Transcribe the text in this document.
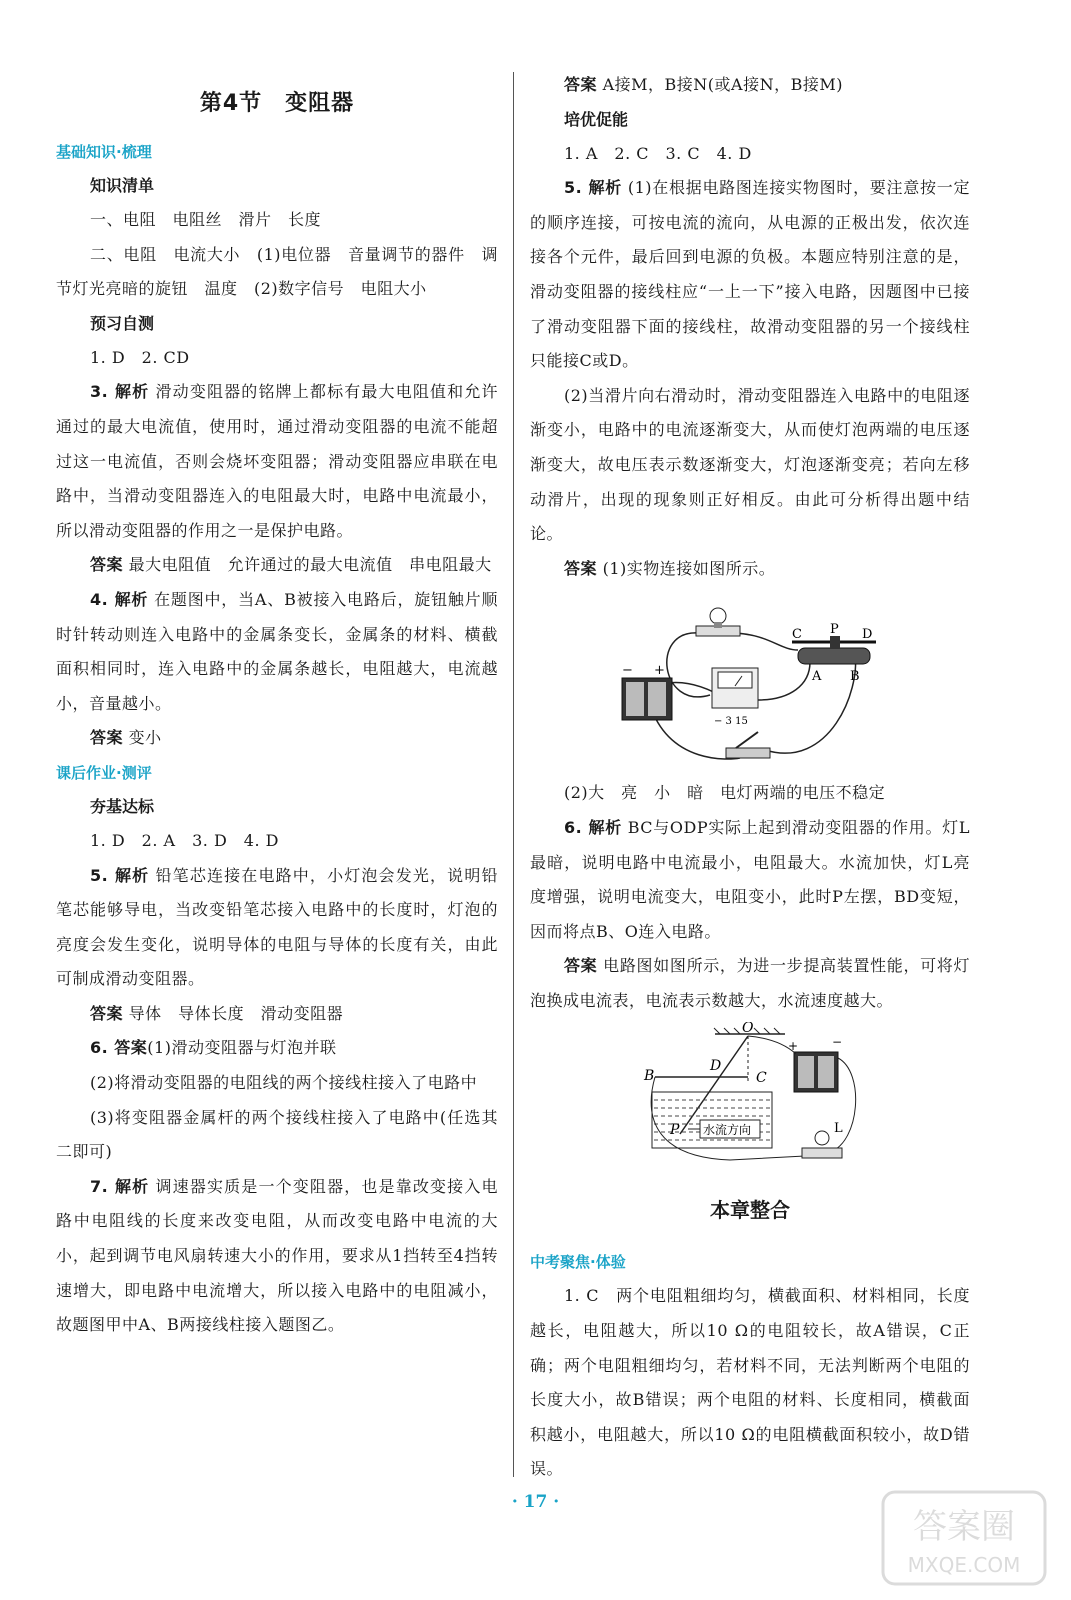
第4节　变阻器
基础知识·梳理
知识清单
一、电阻　电阻丝　滑片　长度
二、电阻　电流大小　(1)电位器　音量调节的器件　调节灯光亮暗的旋钮　温度　(2)数字信号　电阻大小
预习自测
1. D　2. CD
3. 解析 滑动变阻器的铭牌上都标有最大电阻值和允许通过的最大电流值，使用时，通过滑动变阻器的电流不能超过这一电流值，否则会烧坏变阻器；滑动变阻器应串联在电路中，当滑动变阻器连入的电阻最大时，电路中电流最小，所以滑动变阻器的作用之一是保护电路。
答案 最大电阻值　允许通过的最大电流值　串电阻最大
4. 解析 在题图中，当A、B被接入电路后，旋钮触片顺时针转动则连入电路中的金属条变长，金属条的材料、横截面积相同时，连入电路中的金属条越长，电阻越大，电流越小，音量越小。
答案 变小
课后作业·测评
夯基达标
1. D　2. A　3. D　4. D
5. 解析 铅笔芯连接在电路中，小灯泡会发光，说明铅笔芯能够导电，当改变铅笔芯接入电路中的长度时，灯泡的亮度会发生变化，说明导体的电阻与导体的长度有关，由此可制成滑动变阻器。
答案 导体　导体长度　滑动变阻器
6. 答案(1)滑动变阻器与灯泡并联
(2)将滑动变阻器的电阻线的两个接线柱接入了电路中
(3)将变阻器金属杆的两个接线柱接入了电路中(任选其二即可)
7. 解析 调速器实质是一个变阻器，也是靠改变接入电路中电阻线的长度来改变电阻，从而改变电路中电流的大小，起到调节电风扇转速大小的作用，要求从1挡转至4挡转速增大，即电路中电流增大，所以接入电路中的电阻减小，故题图甲中A、B两接线柱接入题图乙。
答案 A接M，B接N(或A接N，B接M)
培优促能
1. A　2. C　3. C　4. D
5. 解析 (1)在根据电路图连接实物图时，要注意按一定的顺序连接，可按电流的流向，从电源的正极出发，依次连接各个元件，最后回到电源的负极。本题应特别注意的是，滑动变阻器的接线柱应“一上一下”接入电路，因题图中已接了滑动变阻器下面的接线柱，故滑动变阻器的另一个接线柱只能接C或D。
(2)当滑片向右滑动时，滑动变阻器连入电路中的电阻逐渐变小，电路中的电流逐渐变大，从而使灯泡两端的电压逐渐变大，故电压表示数逐渐变大，灯泡逐渐变亮；若向左移动滑片，出现的现象则正好相反。由此可分析得出题中结论。
答案 (1)实物连接如图所示。
C P D
A B
− +
− 3 15
(2)大　亮　小　暗　电灯两端的电压不稳定
6. 解析 BC与ODP实际上起到滑动变阻器的作用。灯L最暗，说明电路中电流最小，电阻最大。水流加快，灯L亮度增强，说明电流变大，电阻变小，此时P左摆，BD变短，因而将点B、O连入电路。
答案 电路图如图所示，为进一步提高装置性能，可将灯泡换成电流表，电流表示数越大，水流速度越大。
O
B
D
C
水流方向
P
+	−
L
本章整合
中考聚焦·体验
1. C　两个电阻粗细均匀，横截面积、材料相同，长度越长，电阻越大，所以10 Ω的电阻较长，故A错误，C正确；两个电阻粗细均匀，若材料不同，无法判断两个电阻的长度大小，故B错误；两个电阻的材料、长度相同，横截面积越小，电阻越大，所以10 Ω的电阻横截面积较小，故D错误。
· 17 ·
答案圈
MXQE.COM
